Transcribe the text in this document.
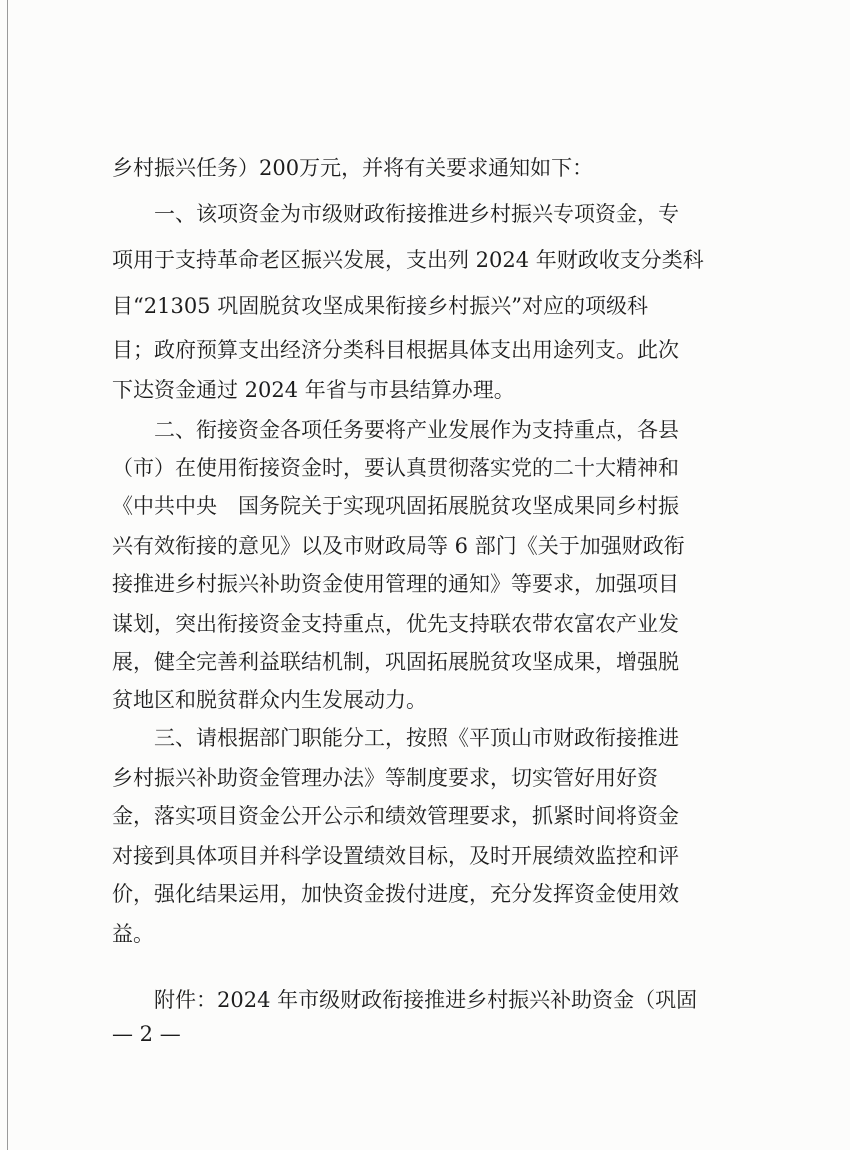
乡村振兴任务）200万元，并将有关要求通知如下：
一、该项资金为市级财政衔接推进乡村振兴专项资金，专
项用于支持革命老区振兴发展，支出列 2024 年财政收支分类科
目“21305 巩固脱贫攻坚成果衔接乡村振兴”对应的项级科
目；政府预算支出经济分类科目根据具体支出用途列支。此次
下达资金通过 2024 年省与市县结算办理。
二、衔接资金各项任务要将产业发展作为支持重点，各县
（市）在使用衔接资金时，要认真贯彻落实党的二十大精神和
《中共中央　国务院关于实现巩固拓展脱贫攻坚成果同乡村振
兴有效衔接的意见》以及市财政局等 6 部门《关于加强财政衔
接推进乡村振兴补助资金使用管理的通知》等要求，加强项目
谋划，突出衔接资金支持重点，优先支持联农带农富农产业发
展，健全完善利益联结机制，巩固拓展脱贫攻坚成果，增强脱
贫地区和脱贫群众内生发展动力。
三、请根据部门职能分工，按照《平顶山市财政衔接推进
乡村振兴补助资金管理办法》等制度要求，切实管好用好资
金，落实项目资金公开公示和绩效管理要求，抓紧时间将资金
对接到具体项目并科学设置绩效目标，及时开展绩效监控和评
价，强化结果运用，加快资金拨付进度，充分发挥资金使用效
益。
附件：2024 年市级财政衔接推进乡村振兴补助资金（巩固
— 2 —
